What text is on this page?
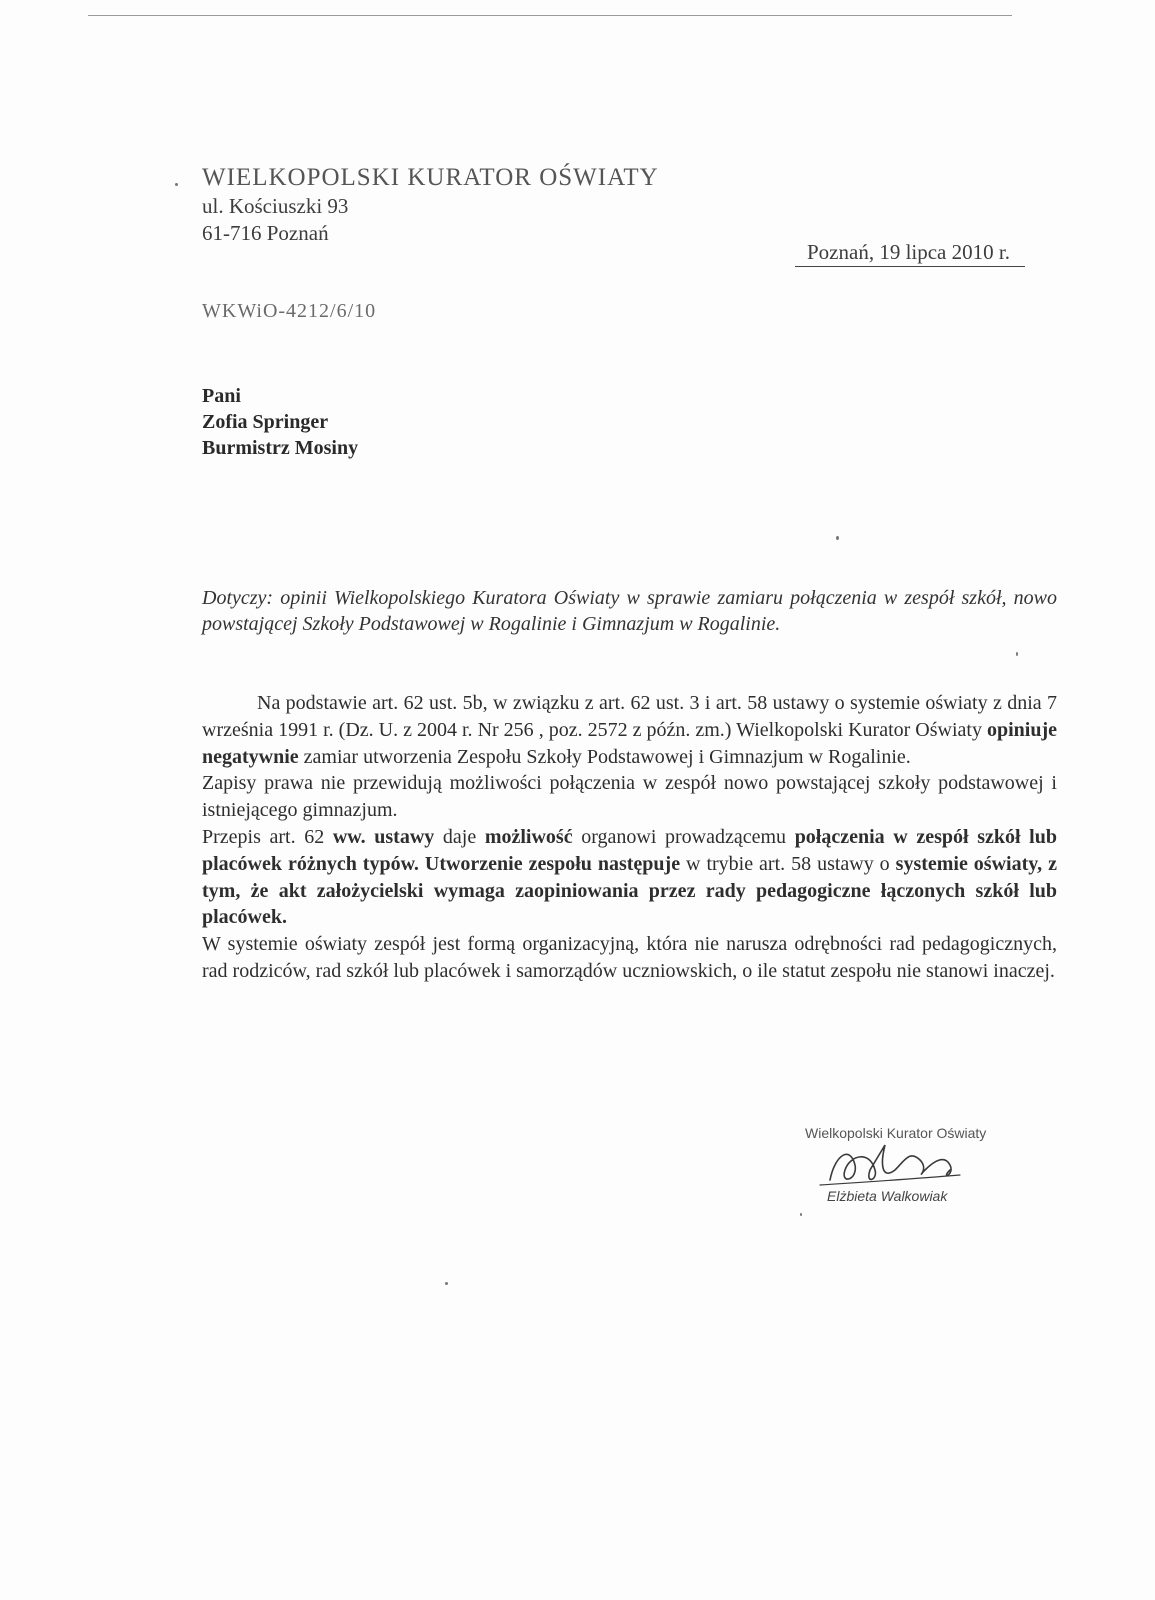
WIELKOPOLSKI KURATOR OŚWIATY
ul. Kościuszki 93
61-716 Poznań
Poznań, 19 lipca 2010 r.
WKWiO-4212/6/10
Pani
Zofia Springer
Burmistrz Mosiny
Dotyczy: opinii Wielkopolskiego Kuratora Oświaty w sprawie zamiaru połączenia w zespół szkół, nowo powstającej Szkoły Podstawowej w Rogalinie i Gimnazjum w Rogalinie.

Na podstawie art. 62 ust. 5b, w związku z art. 62 ust. 3 i art. 58 ustawy o systemie oświaty z dnia 7 września 1991 r. (Dz. U. z 2004 r. Nr 256 , poz. 2572 z późn. zm.) Wielkopolski Kurator Oświaty opiniuje negatywnie zamiar utworzenia Zespołu Szkoły Podstawowej i Gimnazjum w Rogalinie.

Zapisy prawa nie przewidują możliwości połączenia w zespół nowo powstającej szkoły podstawowej i istniejącego gimnazjum.

Przepis art. 62 ww. ustawy daje możliwość organowi prowadzącemu połączenia w zespół szkół lub placówek różnych typów. Utworzenie zespołu następuje w trybie art. 58 ustawy o systemie oświaty, z tym, że akt założycielski wymaga zaopiniowania przez rady pedagogiczne łączonych szkół lub placówek.

W systemie oświaty zespół jest formą organizacyjną, która nie narusza odrębności rad pedagogicznych, rad rodziców, rad szkół lub placówek i samorządów uczniowskich, o ile statut zespołu nie stanowi inaczej.

Wielkopolski Kurator Oświaty
Elżbieta Walkowiak
